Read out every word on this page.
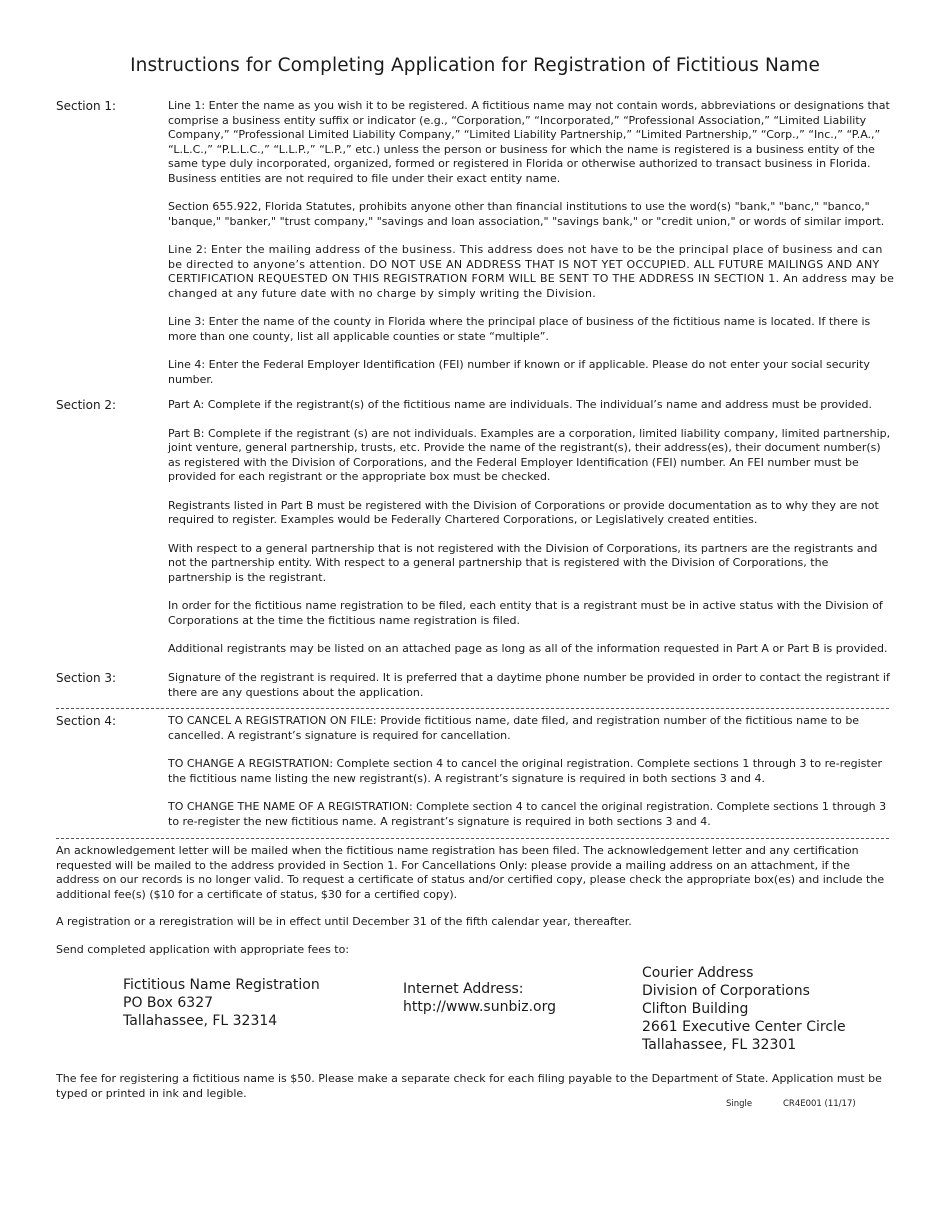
Instructions for Completing Application for Registration of Fictitious Name
Section 1:	Line 1: Enter the name as you wish it to be registered. A fictitious name may not contain words, abbreviations or designations that comprise a business entity suffix or indicator (e.g., “Corporation,” “Incorporated,” “Professional Association,” “Limited Liability Company,” “Professional Limited Liability Company,” “Limited Liability Partnership,” “Limited Partnership,” “Corp.,” “Inc.,” “P.A.,” “L.L.C.,” “P.L.L.C.,” “L.L.P.,” “L.P.,” etc.) unless the person or business for which the name is registered is a business entity of the same type duly incorporated, organized, formed or registered in Florida or otherwise authorized to transact business in Florida. Business entities are not required to file under their exact entity name.

Section 655.922, Florida Statutes, prohibits anyone other than financial institutions to use the word(s) "bank," "banc," "banco," 'banque," "banker," "trust company," "savings and loan association," "savings bank," or "credit union," or words of similar import.

Line 2: Enter the mailing address of the business. This address does not have to be the principal place of business and can be directed to anyone’s attention. DO NOT USE AN ADDRESS THAT IS NOT YET OCCUPIED. ALL FUTURE MAILINGS AND ANY CERTIFICATION REQUESTED ON THIS REGISTRATION FORM WILL BE SENT TO THE ADDRESS IN SECTION 1. An address may be changed at any future date with no charge by simply writing the Division.

Line 3: Enter the name of the county in Florida where the principal place of business of the fictitious name is located. If there is more than one county, list all applicable counties or state “multiple”.

Line 4: Enter the Federal Employer Identification (FEI) number if known or if applicable. Please do not enter your social security number.

Section 2:	Part A: Complete if the registrant(s) of the fictitious name are individuals. The individual’s name and address must be provided.

Part B: Complete if the registrant (s) are not individuals. Examples are a corporation, limited liability company, limited partnership, joint venture, general partnership, trusts, etc. Provide the name of the registrant(s), their address(es), their document number(s) as registered with the Division of Corporations, and the Federal Employer Identification (FEI) number. An FEI number must be provided for each registrant or the appropriate box must be checked.

Registrants listed in Part B must be registered with the Division of Corporations or provide documentation as to why they are not required to register. Examples would be Federally Chartered Corporations, or Legislatively created entities.

With respect to a general partnership that is not registered with the Division of Corporations, its partners are the registrants and not the partnership entity. With respect to a general partnership that is registered with the Division of Corporations, the partnership is the registrant.

In order for the fictitious name registration to be filed, each entity that is a registrant must be in active status with the Division of Corporations at the time the fictitious name registration is filed.

Additional registrants may be listed on an attached page as long as all of the information requested in Part A or Part B is provided.

Section 3:	Signature of the registrant is required. It is preferred that a daytime phone number be provided in order to contact the registrant if there are any questions about the application.

Section 4:	TO CANCEL A REGISTRATION ON FILE: Provide fictitious name, date filed, and registration number of the fictitious name to be cancelled. A registrant’s signature is required for cancellation.

TO CHANGE A REGISTRATION: Complete section 4 to cancel the original registration. Complete sections 1 through 3 to re-register the fictitious name listing the new registrant(s). A registrant’s signature is required in both sections 3 and 4.

TO CHANGE THE NAME OF A REGISTRATION: Complete section 4 to cancel the original registration. Complete sections 1 through 3 to re-register the new fictitious name. A registrant’s signature is required in both sections 3 and 4.

An acknowledgement letter will be mailed when the fictitious name registration has been filed. The acknowledgement letter and any certification requested will be mailed to the address provided in Section 1. For Cancellations Only: please provide a mailing address on an attachment, if the address on our records is no longer valid. To request a certificate of status and/or certified copy, please check the appropriate box(es) and include the additional fee(s) ($10 for a certificate of status, $30 for a certified copy).

A registration or a reregistration will be in effect until December 31 of the fifth calendar year, thereafter.

Send completed application with appropriate fees to:

Fictitious Name Registration
PO Box 6327
Tallahassee, FL 32314
Internet Address:
http://www.sunbiz.org
Courier Address
Division of Corporations
Clifton Building
2661 Executive Center Circle
Tallahassee, FL 32301

The fee for registering a fictitious name is $50. Please make a separate check for each filing payable to the Department of State. Application must be typed or printed in ink and legible.

Single	CR4E001 (11/17)
